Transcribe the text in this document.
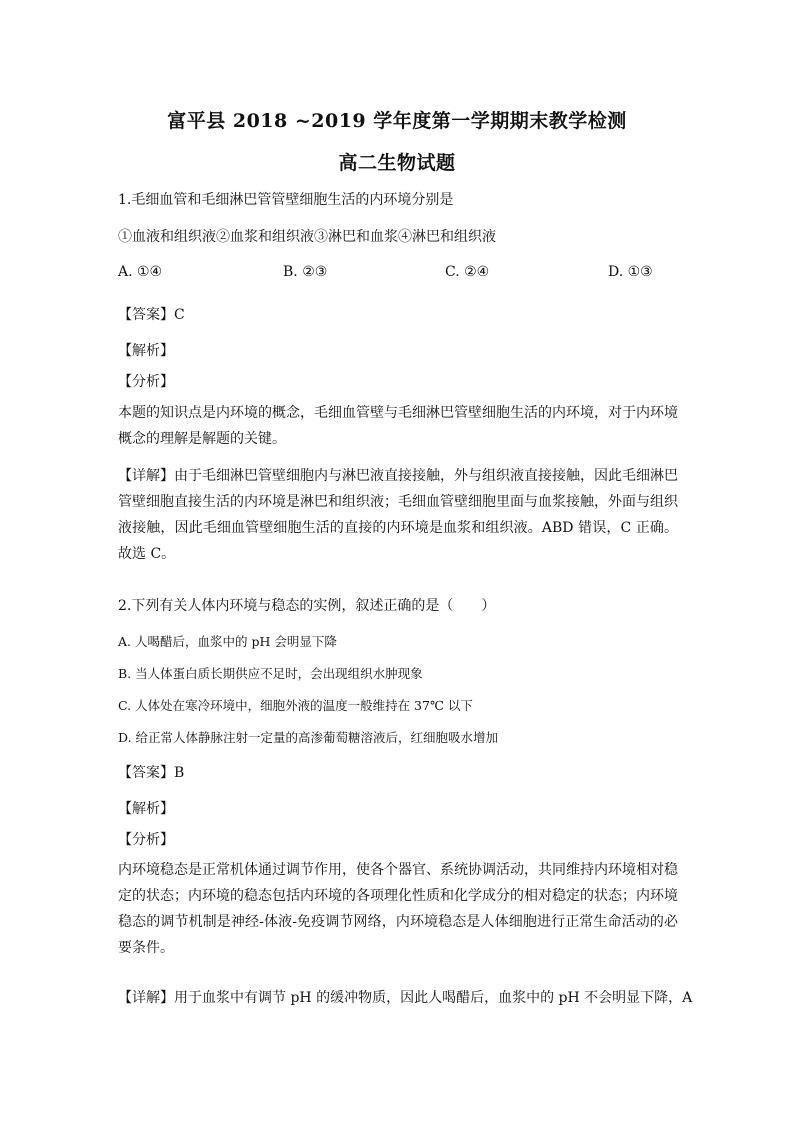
富平县 2018 ~2019 学年度第一学期期末教学检测
高二生物试题
1.毛细血管和毛细淋巴管管壁细胞生活的内环境分别是
①血液和组织液②血浆和组织液③淋巴和血浆④淋巴和组织液
A. ①④	B. ②③	C. ②④	D. ①③
【答案】C
【解析】
【分析】
本题的知识点是内环境的概念，毛细血管壁与毛细淋巴管壁细胞生活的内环境，对于内环境概念的理解是解题的关键。
【详解】由于毛细淋巴管壁细胞内与淋巴液直接接触，外与组织液直接接触，因此毛细淋巴管壁细胞直接生活的内环境是淋巴和组织液；毛细血管壁细胞里面与血浆接触，外面与组织液接触，因此毛细血管壁细胞生活的直接的内环境是血浆和组织液。ABD 错误，C 正确。故选 C。
2.下列有关人体内环境与稳态的实例，叙述正确的是（　　）
A. 人喝醋后，血浆中的 pH 会明显下降
B. 当人体蛋白质长期供应不足时，会出现组织水肿现象
C. 人体处在寒冷环境中，细胞外液的温度一般维持在 37℃ 以下
D. 给正常人体静脉注射一定量的高渗葡萄糖溶液后，红细胞吸水增加
【答案】B
【解析】
【分析】
内环境稳态是正常机体通过调节作用，使各个器官、系统协调活动，共同维持内环境相对稳定的状态；内环境的稳态包括内环境的各项理化性质和化学成分的相对稳定的状态；内环境稳态的调节机制是神经-体液-免疫调节网络，内环境稳态是人体细胞进行正常生命活动的必要条件。
【详解】用于血浆中有调节 pH 的缓冲物质，因此人喝醋后，血浆中的 pH 不会明显下降，A
